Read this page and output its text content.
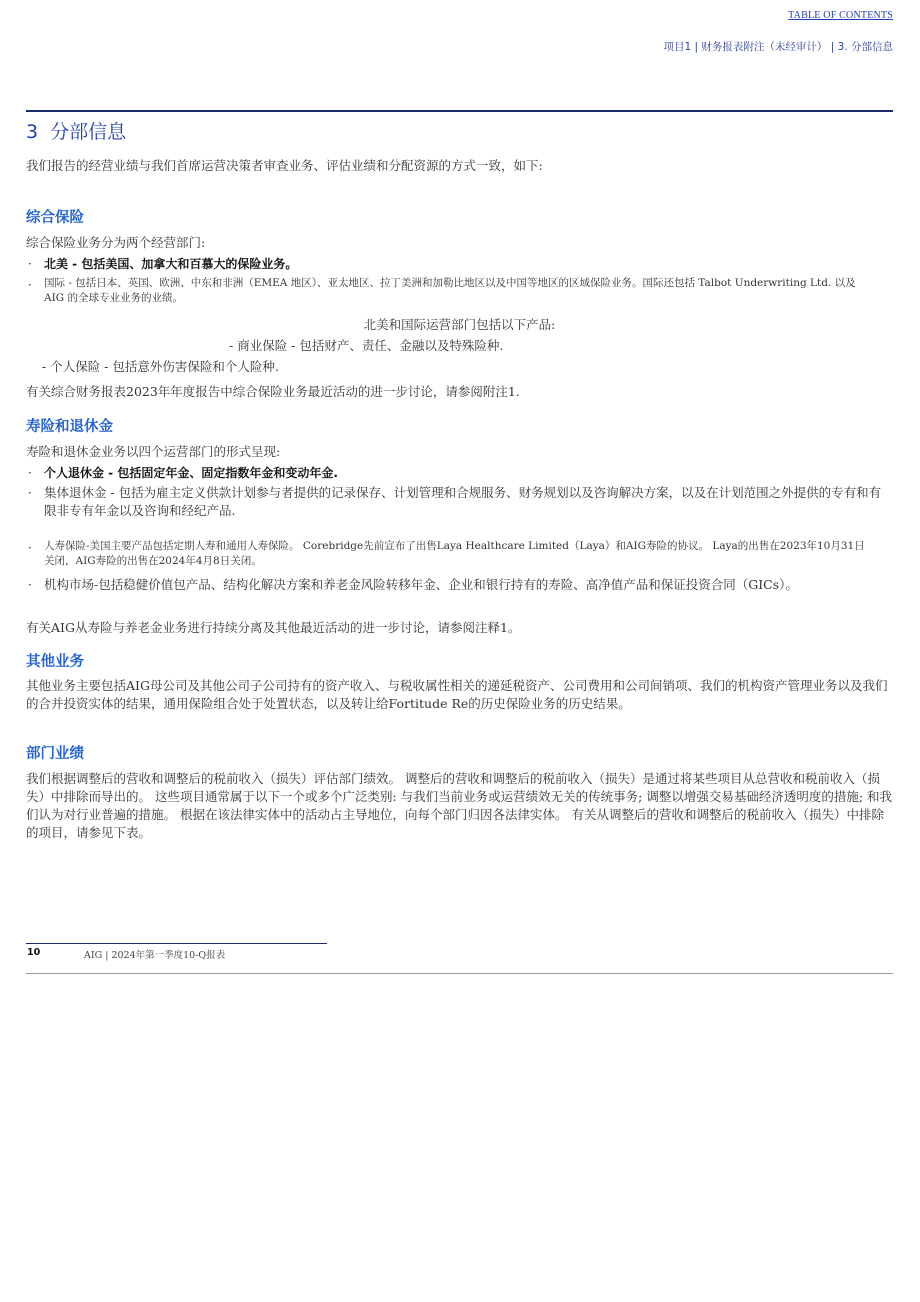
TABLE OF CONTENTS
项目1 | 财务报表附注（未经审计） | 3. 分部信息
3 分部信息

我们报告的经营业绩与我们首席运营决策者审查业务、评估业绩和分配资源的方式一致，如下:

综合保险

综合保险业务分为两个经营部门:

·	北美 - 包括美国、加拿大和百慕大的保险业务。
·	国际 - 包括日本、英国、欧洲、中东和非洲（EMEA 地区）、亚太地区、拉丁美洲和加勒比地区以及中国等地区的区域保险业务。国际还包括 Talbot Underwriting Ltd. 以及 AIG 的全球专业业务的业绩。

北美和国际运营部门包括以下产品:

- 商业保险 - 包括财产、责任、金融以及特殊险种.

- 个人保险 - 包括意外伤害保险和个人险种.

有关综合财务报表2023年年度报告中综合保险业务最近活动的进一步讨论，请参阅附注1.

寿险和退休金

寿险和退休金业务以四个运营部门的形式呈现:

·	个人退休金 - 包括固定年金、固定指数年金和变动年金.
· 集体退休金 - 包括为雇主定义供款计划参与者提供的记录保存、计划管理和合规服务、财务规划以及咨询解决方案，以及在计划范围之外提供的专有和有限非专有年金以及咨询和经纪产品.
·	人寿保险-美国主要产品包括定期人寿和通用人寿保险。 Corebridge先前宣布了出售Laya Healthcare Limited（Laya）和AIG寿险的协议。 Laya的出售在2023年10月31日关闭，AIG寿险的出售在2024年4月8日关闭。
· 机构市场-包括稳健价值包产品、结构化解决方案和养老金风险转移年金、企业和银行持有的寿险、高净值产品和保证投资合同（GICs）。

有关AIG从寿险与养老金业务进行持续分离及其他最近活动的进一步讨论，请参阅注释1。

其他业务

其他业务主要包括AIG母公司及其他公司子公司持有的资产收入、与税收属性相关的递延税资产、公司费用和公司间销项、我们的机构资产管理业务以及我们的合并投资实体的结果，通用保险组合处于处置状态，以及转让给Fortitude Re的历史保险业务的历史结果。

部门业绩

我们根据调整后的营收和调整后的税前收入（损失）评估部门绩效。 调整后的营收和调整后的税前收入（损失）是通过将某些项目从总营收和税前收入（损失）中排除而导出的。 这些项目通常属于以下一个或多个广泛类别: 与我们当前业务或运营绩效无关的传统事务; 调整以增强交易基础经济透明度的措施; 和我们认为对行业普遍的措施。 根据在该法律实体中的活动占主导地位，向每个部门归因各法律实体。 有关从调整后的营收和调整后的税前收入（损失）中排除的项目，请参见下表。

10	AIG | 2024年第一季度10-Q报表
